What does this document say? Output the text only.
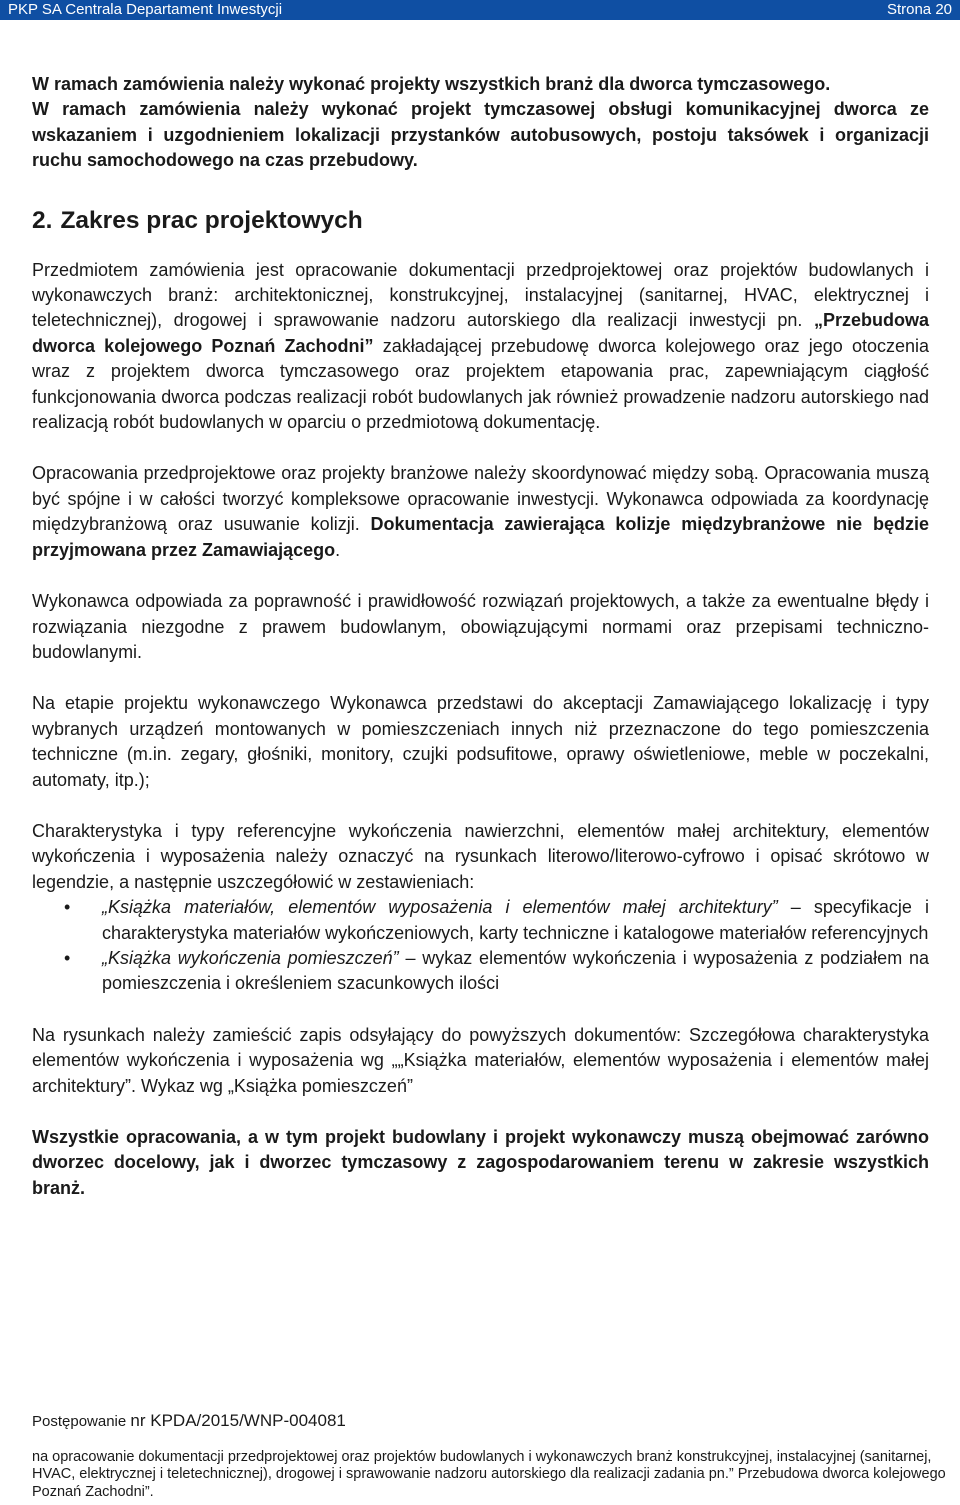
PKP SA Centrala Departament Inwestycji	Strona 20

W ramach zamówienia należy wykonać projekty wszystkich branż dla dworca tymczasowego.

W ramach zamówienia należy wykonać projekt tymczasowej obsługi komunikacyjnej dworca ze wskazaniem i uzgodnieniem lokalizacji przystanków autobusowych, postoju taksówek i organizacji ruchu samochodowego na czas przebudowy.

2. Zakres prac projektowych

Przedmiotem zamówienia jest opracowanie dokumentacji przedprojektowej oraz projektów budowlanych i wykonawczych branż: architektonicznej, konstrukcyjnej, instalacyjnej (sanitarnej, HVAC, elektrycznej i teletechnicznej), drogowej i sprawowanie nadzoru autorskiego dla realizacji inwestycji pn. „Przebudowa dworca kolejowego Poznań Zachodni” zakładającej przebudowę dworca kolejowego oraz jego otoczenia wraz z projektem dworca tymczasowego oraz projektem etapowania prac, zapewniającym ciągłość funkcjonowania dworca podczas realizacji robót budowlanych jak również prowadzenie nadzoru autorskiego nad realizacją robót budowlanych w oparciu o przedmiotową dokumentację.

Opracowania przedprojektowe oraz projekty branżowe należy skoordynować między sobą. Opracowania muszą być spójne i w całości tworzyć kompleksowe opracowanie inwestycji. Wykonawca odpowiada za koordynację międzybranżową oraz usuwanie kolizji. Dokumentacja zawierająca kolizje międzybranżowe nie będzie przyjmowana przez Zamawiającego.

Wykonawca odpowiada za poprawność i prawidłowość rozwiązań projektowych, a także za ewentualne błędy i rozwiązania niezgodne z prawem budowlanym, obowiązującymi normami oraz przepisami techniczno-budowlanymi.

Na etapie projektu wykonawczego Wykonawca przedstawi do akceptacji Zamawiającego lokalizację i typy wybranych urządzeń montowanych w pomieszczeniach innych niż przeznaczone do tego pomieszczenia techniczne (m.in. zegary, głośniki, monitory, czujki podsufitowe, oprawy oświetleniowe, meble w poczekalni, automaty, itp.);

Charakterystyka i typy referencyjne wykończenia nawierzchni, elementów małej architektury, elementów wykończenia i wyposażenia należy oznaczyć na rysunkach literowo/literowo-cyfrowo i opisać skrótowo w legendzie, a następnie uszczegółowić w zestawieniach:

• „Książka materiałów, elementów wyposażenia i elementów małej architektury” – specyfikacje i charakterystyka materiałów wykończeniowych, karty techniczne i katalogowe materiałów referencyjnych
• „Książka wykończenia pomieszczeń” – wykaz elementów wykończenia i wyposażenia z podziałem na pomieszczenia i określeniem szacunkowych ilości

Na rysunkach należy zamieścić zapis odsyłający do powyższych dokumentów: Szczegółowa charakterystyka elementów wykończenia i wyposażenia wg „„Książka materiałów, elementów wyposażenia i elementów małej architektury”. Wykaz wg „Książka pomieszczeń”

Wszystkie opracowania, a w tym projekt budowlany i projekt wykonawczy muszą obejmować zarówno dworzec docelowy, jak i dworzec tymczasowy z zagospodarowaniem terenu w zakresie wszystkich branż.

Postępowanie nr KPDA/2015/WNP-004081
na opracowanie dokumentacji przedprojektowej oraz projektów budowlanych i wykonawczych branż konstrukcyjnej, instalacyjnej (sanitarnej, HVAC, elektrycznej i teletechnicznej), drogowej i sprawowanie nadzoru autorskiego dla realizacji zadania pn.” Przebudowa dworca kolejowego Poznań Zachodni”.
